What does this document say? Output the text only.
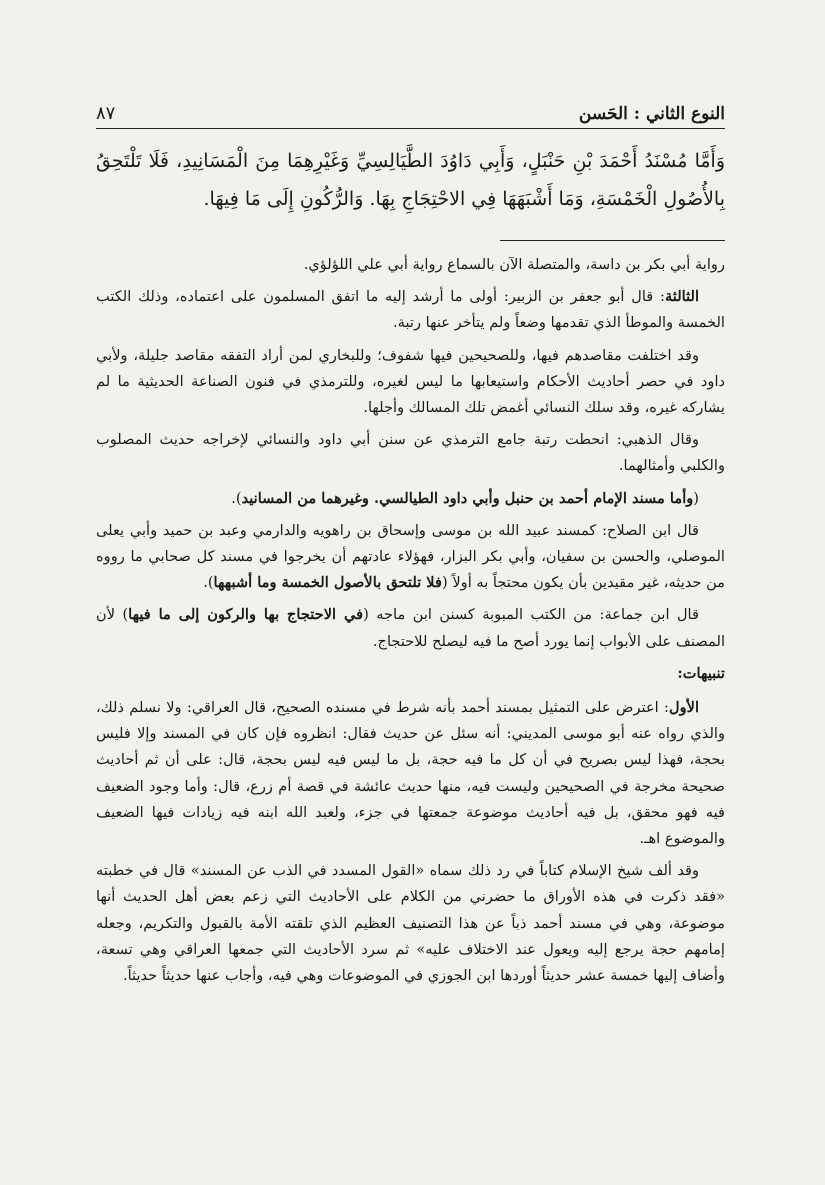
النوع الثاني : الحَسن
٨٧

وَأَمَّا مُسْنَدُ أَحْمَدَ بْنِ حَنْبَلٍ، وَأَبِي دَاوُدَ الطَّيَالِسِيِّ وَغَيْرِهِمَا مِنَ الْمَسَانِيدِ، فَلَا تَلْتَحِقُ بِالأُصُولِ الْخَمْسَةِ، وَمَا أَشْبَهَهَا فِي الاحْتِجَاجِ بِهَا. وَالرُّكُونِ إِلَى مَا فِيهَا.

رواية أبي بكر بن داسة، والمتصلة الآن بالسماع رواية أبي علي اللؤلؤي.

الثالثة: قال أبو جعفر بن الزبير: أولى ما أرشد إليه ما اتفق المسلمون على اعتماده، وذلك الكتب الخمسة والموطأ الذي تقدمها وضعاً ولم يتأخر عنها رتبة.

وقد اختلفت مقاصدهم فيها، وللصحيحين فيها شفوف؛ وللبخاري لمن أراد التفقه مقاصد جليلة، ولأبي داود في حصر أحاديث الأحكام واستيعابها ما ليس لغيره، وللترمذي في فنون الصناعة الحديثية ما لم يشاركه غيره، وقد سلك النسائي أغمض تلك المسالك وأجلها.

وقال الذهبي: انحطت رتبة جامع الترمذي عن سنن أبي داود والنسائي لإخراجه حديث المصلوب والكلبي وأمثالهما.

(وأما مسند الإمام أحمد بن حنبل وأبي داود الطيالسي. وغيرهما من المسانيد).

قال ابن الصلاح: كمسند عبيد الله بن موسى وإسحاق بن راهويه والدارمي وعبد بن حميد وأبي يعلى الموصلي، والحسن بن سفيان، وأبي بكر البزار، فهؤلاء عادتهم أن يخرجوا في مسند كل صحابي ما رووه من حديثه، غير مقيدين بأن يكون محتجاً به أولاً (فلا تلتحق بالأصول الخمسة وما أشبهها).

قال ابن جماعة: من الكتب المبوبة كسنن ابن ماجه (في الاحتجاج بها والركون إلى ما فيها) لأن المصنف على الأبواب إنما يورد أصح ما فيه ليصلح للاحتجاج.

تنبيهات:

الأول: اعترض على التمثيل بمسند أحمد بأنه شرط في مسنده الصحيح، قال العراقي: ولا نسلم ذلك، والذي رواه عنه أبو موسى المديني: أنه سئل عن حديث فقال: انظروه فإن كان في المسند وإلا فليس بحجة، فهذا ليس بصريح في أن كل ما فيه حجة، بل ما ليس فيه ليس بحجة، قال: على أن ثم أحاديث صحيحة مخرجة في الصحيحين وليست فيه، منها حديث عائشة في قصة أم زرع، قال: وأما وجود الضعيف فيه فهو محقق، بل فيه أحاديث موضوعة جمعتها في جزء، ولعبد الله ابنه فيه زيادات فيها الضعيف والموضوع اهـ.

وقد ألف شيخ الإسلام كتاباً في رد ذلك سماه «القول المسدد في الذب عن المسند» قال في خطبته «فقد ذكرت في هذه الأوراق ما حضرني من الكلام على الأحاديث التي زعم بعض أهل الحديث أنها موضوعة، وهي في مسند أحمد ذباً عن هذا التصنيف العظيم الذي تلقته الأمة بالقبول والتكريم، وجعله إمامهم حجة يرجع إليه ويعول عند الاختلاف عليه» ثم سرد الأحاديث التي جمعها العراقي وهي تسعة، وأضاف إليها خمسة عشر حديثاً أوردها ابن الجوزي في الموضوعات وهي فيه، وأجاب عنها حديثاً حديثاً.
